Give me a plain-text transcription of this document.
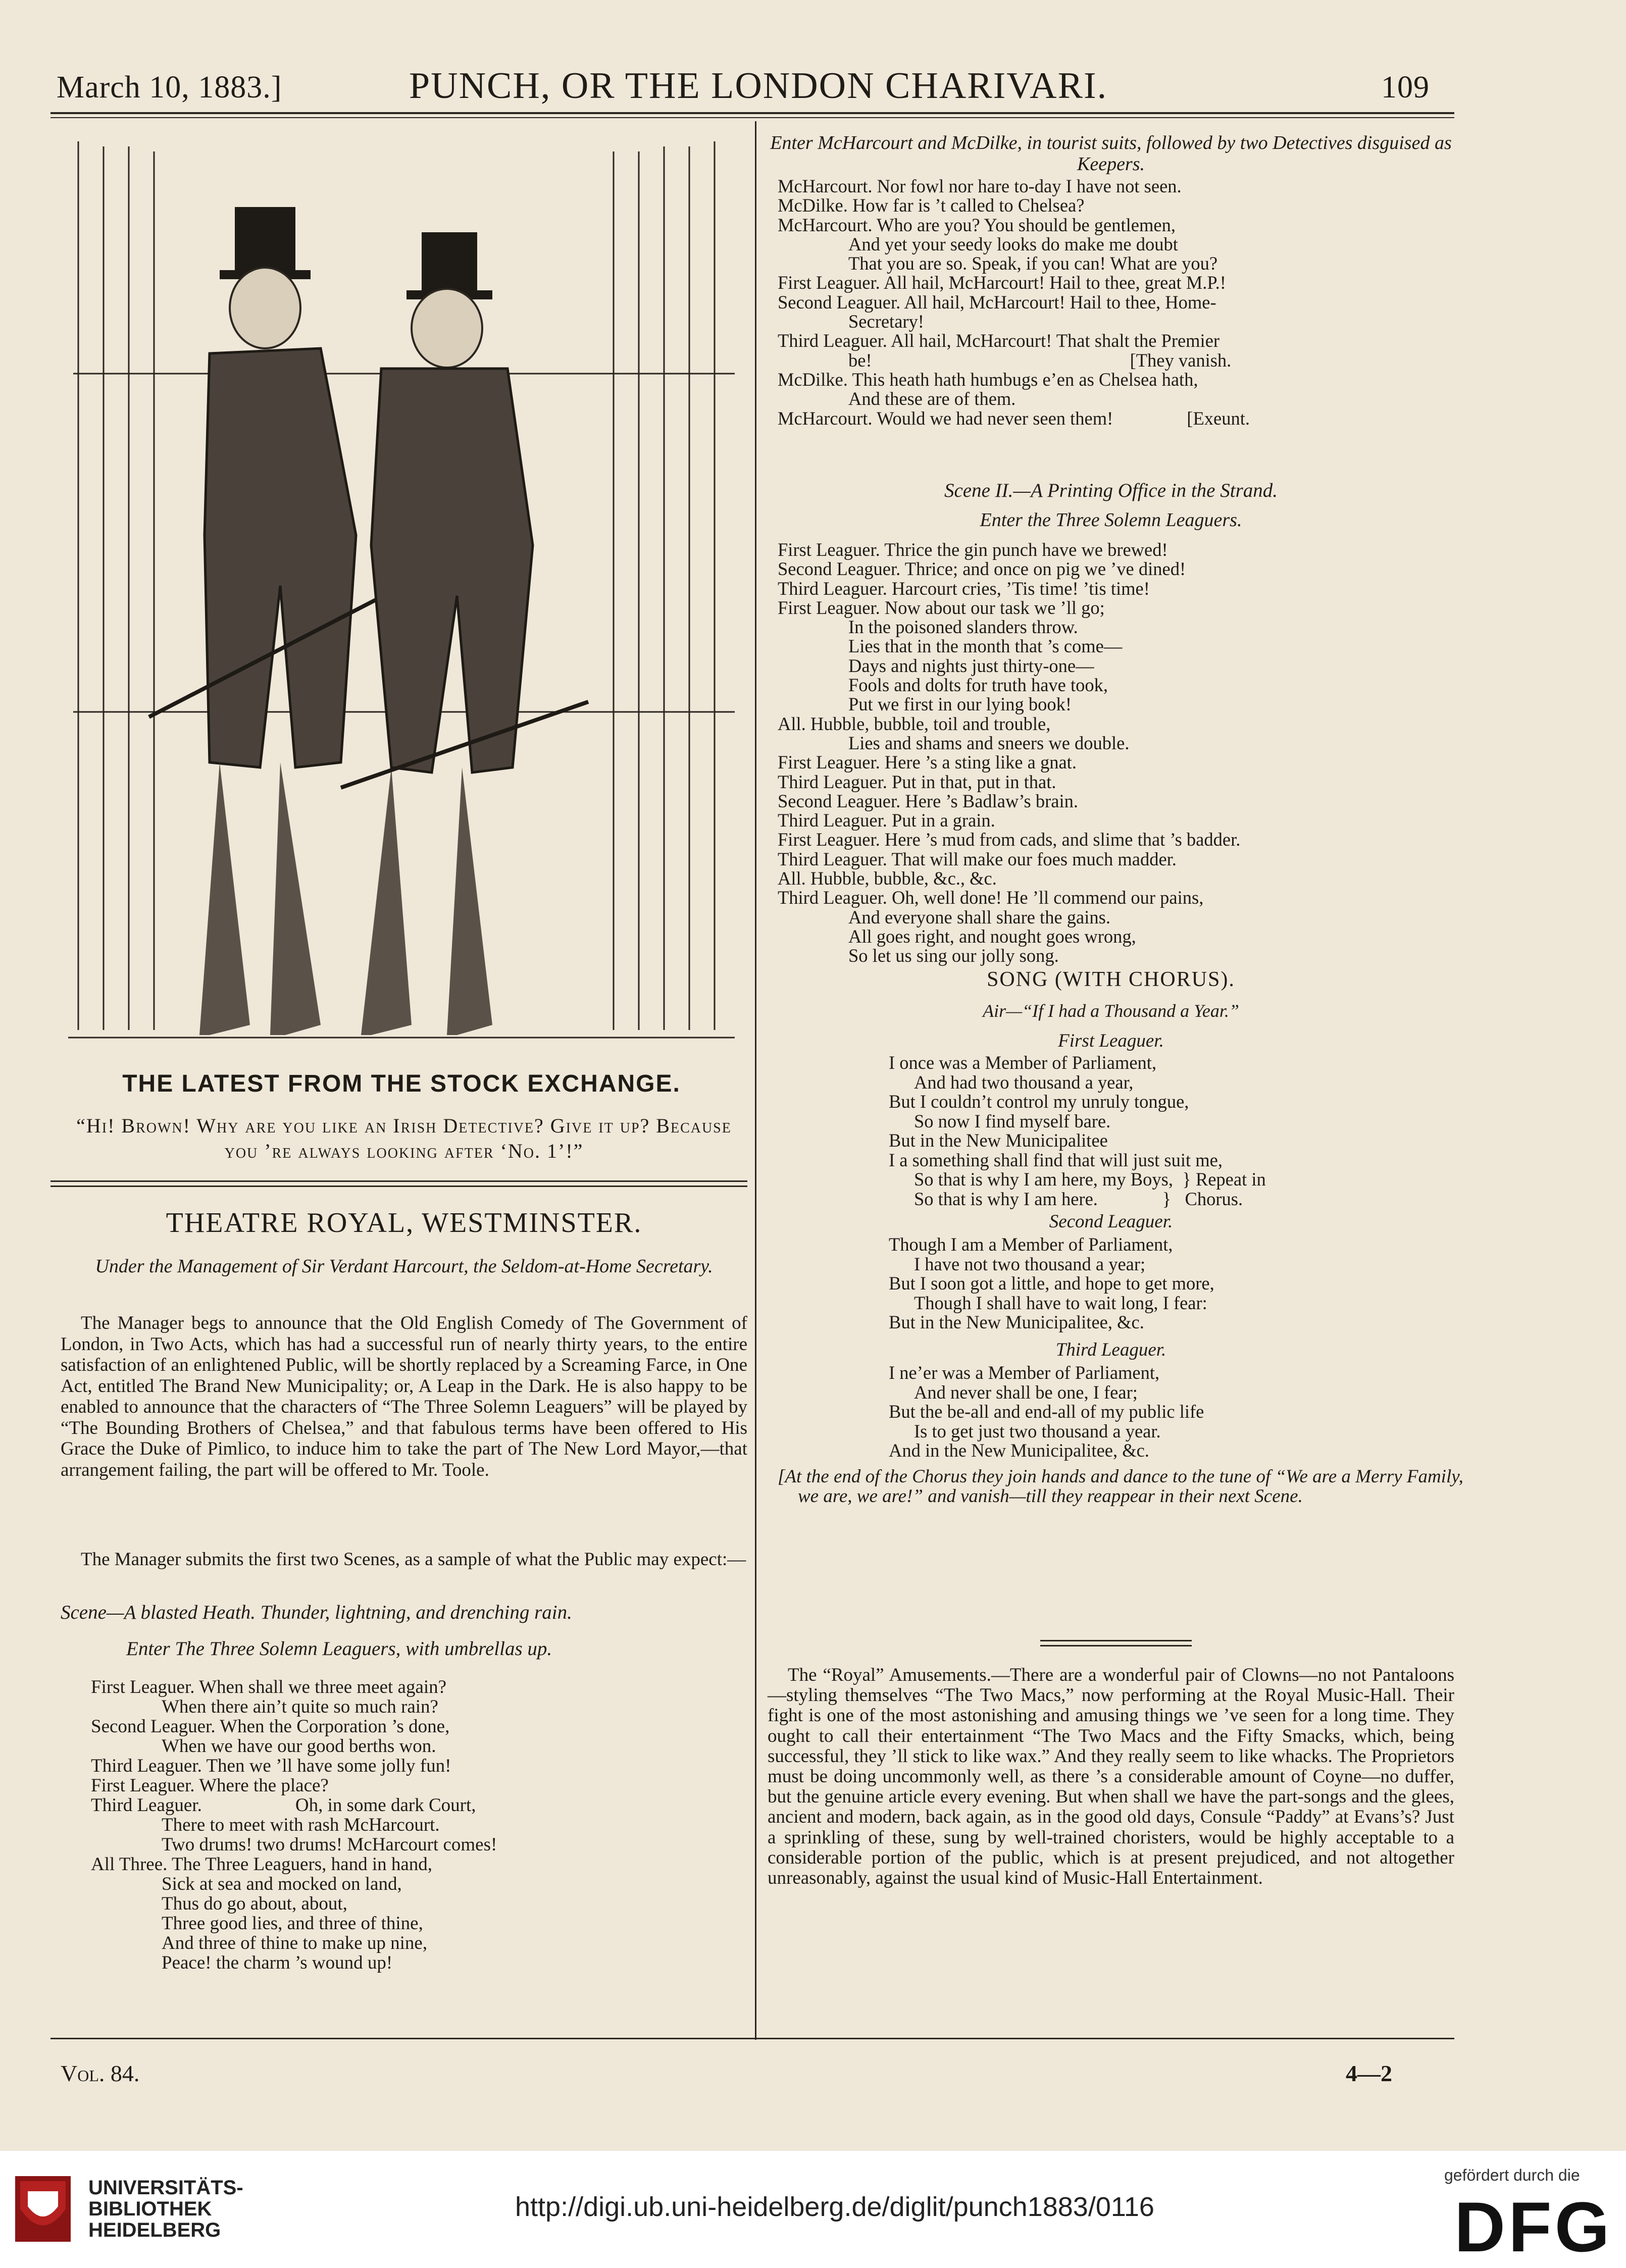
March 10, 1883.]	PUNCH, OR THE LONDON CHARIVARI.	109
THE LATEST FROM THE STOCK EXCHANGE.
“Hi! Brown! Why are you like an Irish Detective? Give it up? Because you ’re always looking after ‘No. 1’!”
THEATRE ROYAL, WESTMINSTER.
Under the Management of Sir Verdant Harcourt, the Seldom-at-Home Secretary.
The Manager begs to announce that the Old English Comedy of The Government of London, in Two Acts, which has had a successful run of nearly thirty years, to the entire satisfaction of an enlightened Public, will be shortly replaced by a Screaming Farce, in One Act, entitled The Brand New Municipality; or, A Leap in the Dark. He is also happy to be enabled to announce that the characters of “The Three Solemn Leaguers” will be played by “The Bounding Brothers of Chelsea,” and that fabulous terms have been offered to His Grace the Duke of Pimlico, to induce him to take the part of The New Lord Mayor,—that arrangement failing, the part will be offered to Mr. Toole.
The Manager submits the first two Scenes, as a sample of what the Public may expect:—
Scene—A blasted Heath. Thunder, lightning, and drenching rain.
Enter The Three Solemn Leaguers, with umbrellas up.
First Leaguer. When shall we three meet again?
When there ain’t quite so much rain?
Second Leaguer. When the Corporation ’s done,
When we have our good berths won.
Third Leaguer. Then we ’ll have some jolly fun!
First Leaguer. Where the place?
Third Leaguer.                    Oh, in some dark Court,
There to meet with rash McHarcourt.
Two drums! two drums! McHarcourt comes!
All Three. The Three Leaguers, hand in hand,
Sick at sea and mocked on land,
Thus do go about, about,
Three good lies, and three of thine,
And three of thine to make up nine,
Peace! the charm ’s wound up!
Enter McHarcourt and McDilke, in tourist suits, followed by two Detectives disguised as Keepers.
McHarcourt. Nor fowl nor hare to-day I have not seen.
McDilke. How far is ’t called to Chelsea?
McHarcourt. Who are you? You should be gentlemen,
And yet your seedy looks do make me doubt
That you are so. Speak, if you can! What are you?
First Leaguer. All hail, McHarcourt! Hail to thee, great M.P.!
Second Leaguer. All hail, McHarcourt! Hail to thee, Home-
Secretary!
Third Leaguer. All hail, McHarcourt! That shalt the Premier
be!                                                        [They vanish.
McDilke. This heath hath humbugs e’en as Chelsea hath,
And these are of them.
McHarcourt. Would we had never seen them!                [Exeunt.
Scene II.—A Printing Office in the Strand.
Enter the Three Solemn Leaguers.
First Leaguer. Thrice the gin punch have we brewed!
Second Leaguer. Thrice; and once on pig we ’ve dined!
Third Leaguer. Harcourt cries, ’Tis time! ’tis time!
First Leaguer. Now about our task we ’ll go;
In the poisoned slanders throw.
Lies that in the month that ’s come—
Days and nights just thirty-one—
Fools and dolts for truth have took,
Put we first in our lying book!
All. Hubble, bubble, toil and trouble,
Lies and shams and sneers we double.
First Leaguer. Here ’s a sting like a gnat.
Third Leaguer. Put in that, put in that.
Second Leaguer. Here ’s Badlaw’s brain.
Third Leaguer. Put in a grain.
First Leaguer. Here ’s mud from cads, and slime that ’s badder.
Third Leaguer. That will make our foes much madder.
All. Hubble, bubble, &c., &c.
Third Leaguer. Oh, well done! He ’ll commend our pains,
And everyone shall share the gains.
All goes right, and nought goes wrong,
So let us sing our jolly song.
SONG (WITH CHORUS).
Air—“If I had a Thousand a Year.”
First Leaguer.
I once was a Member of Parliament,
And had two thousand a year,
But I couldn’t control my unruly tongue,
So now I find myself bare.
But in the New Municipalitee
I a something shall find that will just suit me,
So that is why I am here, my Boys,  } Repeat in
So that is why I am here.              }   Chorus.
Second Leaguer.
Though I am a Member of Parliament,
I have not two thousand a year;
But I soon got a little, and hope to get more,
Though I shall have to wait long, I fear:
But in the New Municipalitee, &c.
Third Leaguer.
I ne’er was a Member of Parliament,
And never shall be one, I fear;
But the be-all and end-all of my public life
Is to get just two thousand a year.
And in the New Municipalitee, &c.
[At the end of the Chorus they join hands and dance to the tune of “We are a Merry Family, we are, we are!” and vanish—till they reappear in their next Scene.
The “Royal” Amusements.—There are a wonderful pair of Clowns—no not Pantaloons—styling themselves “The Two Macs,” now performing at the Royal Music-Hall. Their fight is one of the most astonishing and amusing things we ’ve seen for a long time. They ought to call their entertainment “The Two Macs and the Fifty Smacks, which, being successful, they ’ll stick to like wax.” And they really seem to like whacks. The Proprietors must be doing uncommonly well, as there ’s a considerable amount of Coyne—no duffer, but the genuine article every evening. But when shall we have the part-songs and the glees, ancient and modern, back again, as in the good old days, Consule “Paddy” at Evans’s? Just a sprinkling of these, sung by well-trained choristers, would be highly acceptable to a considerable portion of the public, which is at present prejudiced, and not altogether unreasonably, against the usual kind of Music-Hall Entertainment.
Vol. 84.	4—2
UNIVERSITÄTS-
BIBLIOTHEK
HEIDELBERG
http://digi.ub.uni-heidelberg.de/diglit/punch1883/0116
gefördert durch die
DFG
